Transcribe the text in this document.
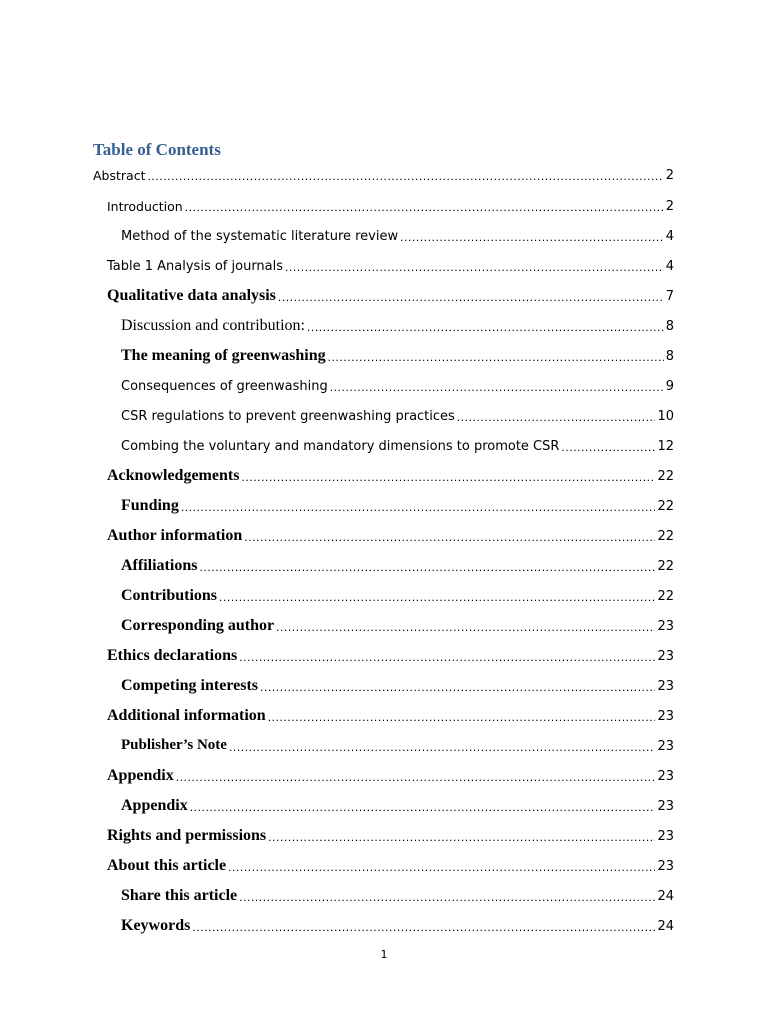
Table of Contents
Abstract .....	2
Introduction .....	2
Method of the systematic literature review .....	4
Table 1 Analysis of journals .....	4
Qualitative data analysis .....	7
Discussion and contribution: .....	8
The meaning of greenwashing .....	8
Consequences of greenwashing .....	9
CSR regulations to prevent greenwashing practices .....	10
Combing the voluntary and mandatory dimensions to promote CSR .....	12
Acknowledgements .....	22
Funding .....	22
Author information .....	22
Affiliations .....	22
Contributions .....	22
Corresponding author .....	23
Ethics declarations .....	23
Competing interests .....	23
Additional information .....	23
Publisher’s Note .....	23
Appendix .....	23
Appendix .....	23
Rights and permissions .....	23
About this article .....	23
Share this article .....	24
Keywords .....	24
1
